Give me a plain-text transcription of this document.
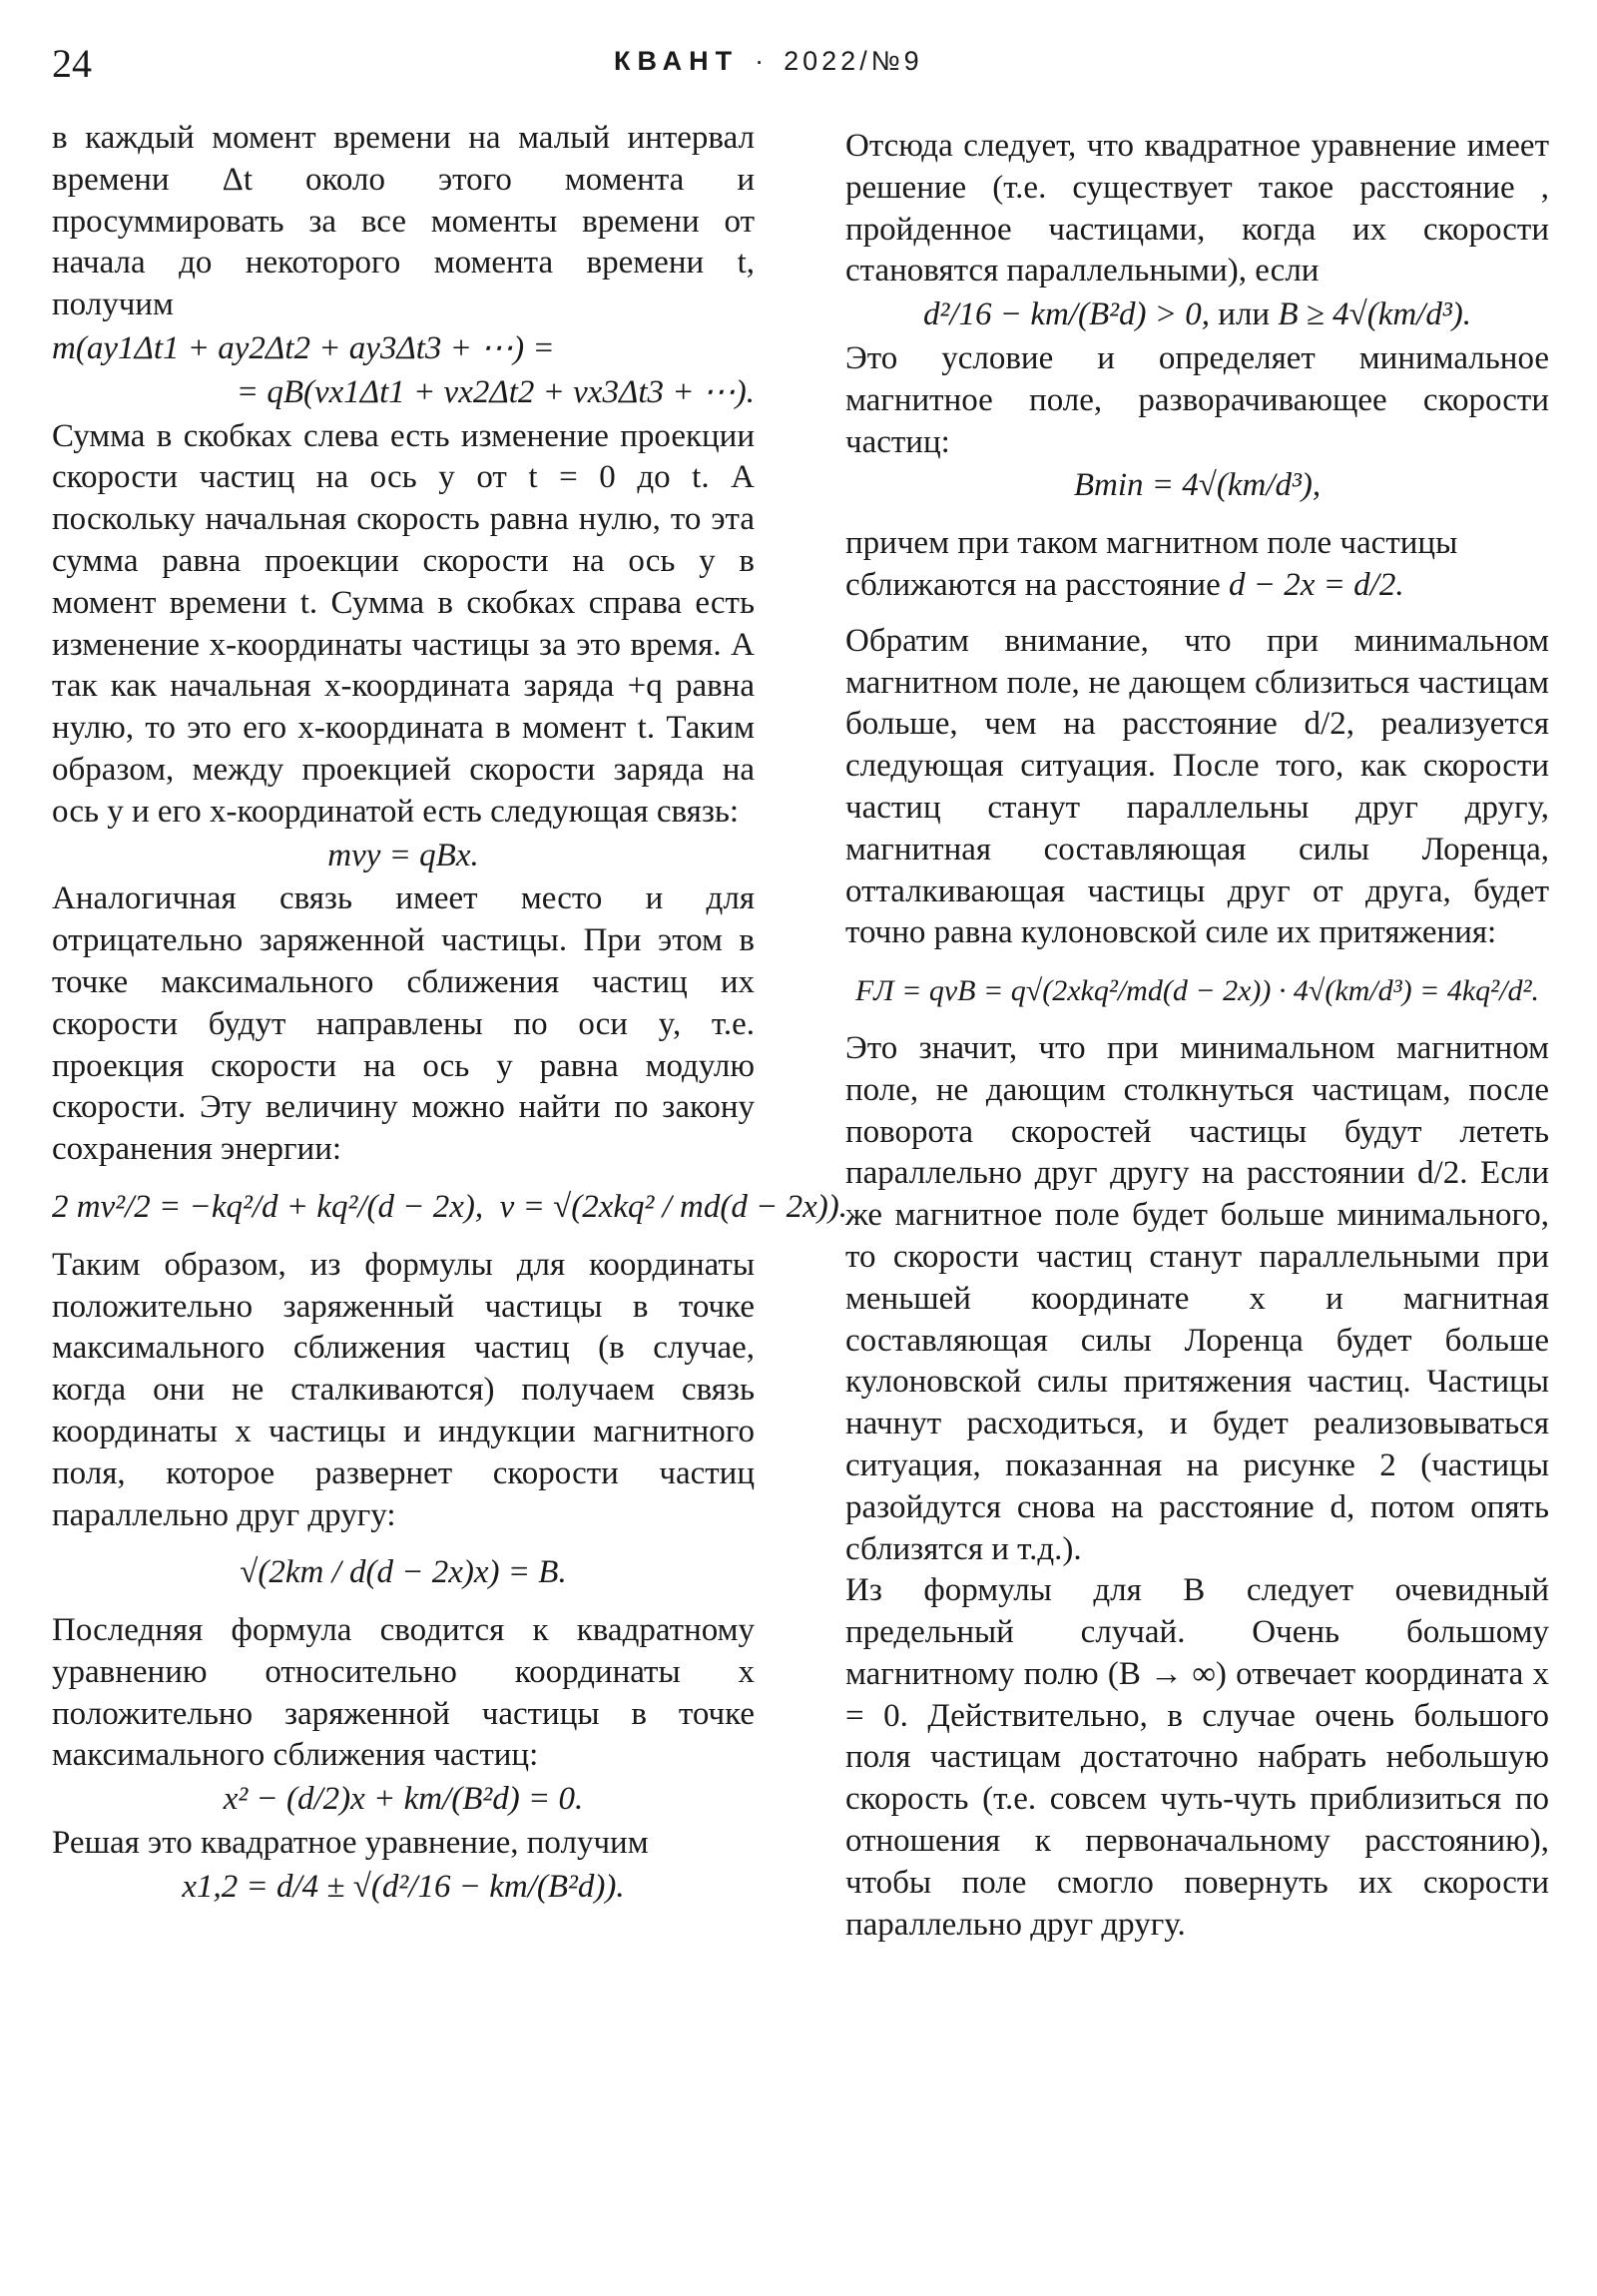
24	КВАНТ · 2022/№9

в каждый момент времени на малый интервал времени Δt около этого момента и просуммировать за все моменты времени от начала до некоторого момента времени t, получим

m(ay1Δt1 + ay2Δt2 + ay3Δt3 + ⋯) =
= qB(vx1Δt1 + vx2Δt2 + vx3Δt3 + ⋯).

Сумма в скобках слева есть изменение проекции скорости частиц на ось y от t = 0 до t. А поскольку начальная скорость равна нулю, то эта сумма равна проекции скорости на ось y в момент времени t. Сумма в скобках справа есть изменение x-координаты частицы за это время. А так как начальная x-координата заряда +q равна нулю, то это его x-координата в момент t. Таким образом, между проекцией скорости заряда на ось y и его x-координатой есть следующая связь:

mvy = qBx.

Аналогичная связь имеет место и для отрицательно заряженной частицы. При этом в точке максимального сближения частиц их скорости будут направлены по оси y, т.е. проекция скорости на ось y равна модулю скорости. Эту величину можно найти по закону сохранения энергии:

2 mv²/2 = −kq²/d + kq²/(d − 2x), v = √(2xkq² / md(d − 2x)).

Таким образом, из формулы для координаты положительно заряженный частицы в точке максимального сближения частиц (в случае, когда они не сталкиваются) получаем связь координаты x частицы и индукции магнитного поля, которое развернет скорости частиц параллельно друг другу:

√(2km / d(d − 2x)x) = B.

Последняя формула сводится к квадратному уравнению относительно координаты x положительно заряженной частицы в точке максимального сближения частиц:

x² − (d/2)x + km/(B²d) = 0.

Решая это квадратное уравнение, получим

x1,2 = d/4 ± √(d²/16 − km/(B²d)).

Отсюда следует, что квадратное уравнение имеет решение (т.е. существует такое расстояние , пройденное частицами, когда их скорости становятся параллельными), если

d²/16 − km/(B²d) > 0, или B ≥ 4√(km/d³).

Это условие и определяет минимальное магнитное поле, разворачивающее скорости частиц:

Bmin = 4√(km/d³),

причем при таком магнитном поле частицы

сближаются на расстояние d − 2x = d/2.

Обратим внимание, что при минимальном магнитном поле, не дающем сблизиться частицам больше, чем на расстояние d/2, реализуется следующая ситуация. После того, как скорости частиц станут параллельны друг другу, магнитная составляющая силы Лоренца, отталкивающая частицы друг от друга, будет точно равна кулоновской силе их притяжения:

FЛ = qvB = q√(2xkq²/md(d − 2x)) · 4√(km/d³) = 4kq²/d².

Это значит, что при минимальном магнитном поле, не дающим столкнуться частицам, после поворота скоростей частицы будут лететь параллельно друг другу на расстоянии d/2. Если же магнитное поле будет больше минимального, то скорости частиц станут параллельными при меньшей координате x и магнитная составляющая силы Лоренца будет больше кулоновской силы притяжения частиц. Частицы начнут расходиться, и будет реализовываться ситуация, показанная на рисунке 2 (частицы разойдутся снова на расстояние d, потом опять сблизятся и т.д.).

Из формулы для B следует очевидный предельный случай. Очень большому магнитному полю (B → ∞) отвечает координата x = 0. Действительно, в случае очень большого поля частицам достаточно набрать небольшую скорость (т.е. совсем чуть-чуть приблизиться по отношения к первоначальному расстоянию), чтобы поле смогло повернуть их скорости параллельно друг другу.
